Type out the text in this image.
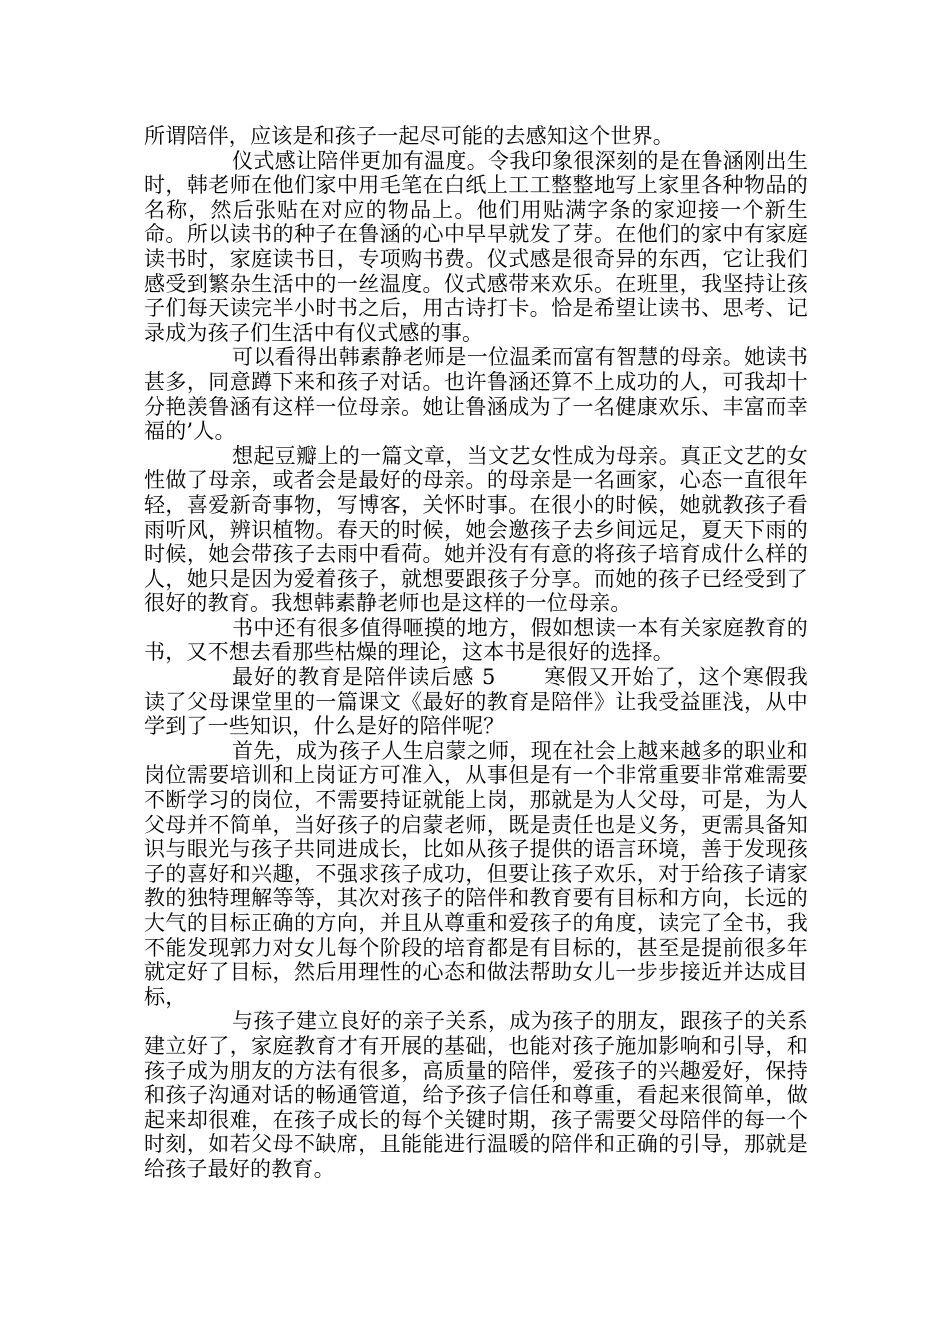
所谓陪伴，应该是和孩子一起尽可能的去感知这个世界。

仪式感让陪伴更加有温度。令我印象很深刻的是在鲁涵刚出生时，韩老师在他们家中用毛笔在白纸上工工整整地写上家里各种物品的名称，然后张贴在对应的物品上。他们用贴满字条的家迎接一个新生命。所以读书的种子在鲁涵的心中早早就发了芽。在他们的家中有家庭读书时，家庭读书日，专项购书费。仪式感是很奇异的东西，它让我们感受到繁杂生活中的一丝温度。仪式感带来欢乐。在班里，我坚持让孩子们每天读完半小时书之后，用古诗打卡。恰是希望让读书、思考、记录成为孩子们生活中有仪式感的事。

可以看得出韩素静老师是一位温柔而富有智慧的母亲。她读书甚多，同意蹲下来和孩子对话。也许鲁涵还算不上成功的人，可我却十分艳羡鲁涵有这样一位母亲。她让鲁涵成为了一名健康欢乐、丰富而幸福的’人。

想起豆瓣上的一篇文章，当文艺女性成为母亲。真正文艺的女性做了母亲，或者会是最好的母亲。的母亲是一名画家，心态一直很年轻，喜爱新奇事物，写博客，关怀时事。在很小的时候，她就教孩子看雨听风，辨识植物。春天的时候，她会邀孩子去乡间远足，夏天下雨的时候，她会带孩子去雨中看荷。她并没有有意的将孩子培育成什么样的人，她只是因为爱着孩子，就想要跟孩子分享。而她的孩子已经受到了很好的教育。我想韩素静老师也是这样的一位母亲。

书中还有很多值得咂摸的地方，假如想读一本有关家庭教育的书，又不想去看那些枯燥的理论，这本书是很好的选择。

最好的教育是陪伴读后感 5 寒假又开始了，这个寒假我读了父母课堂里的一篇课文《最好的教育是陪伴》让我受益匪浅，从中学到了一些知识，什么是好的陪伴呢？

首先，成为孩子人生启蒙之师，现在社会上越来越多的职业和岗位需要培训和上岗证方可准入，从事但是有一个非常重要非常难需要不断学习的岗位，不需要持证就能上岗，那就是为人父母，可是，为人父母并不简单，当好孩子的启蒙老师，既是责任也是义务，更需具备知识与眼光与孩子共同进成长，比如从孩子提供的语言环境，善于发现孩子的喜好和兴趣，不强求孩子成功，但要让孩子欢乐，对于给孩子请家教的独特理解等等，其次对孩子的陪伴和教育要有目标和方向，长远的大气的目标正确的方向，并且从尊重和爱孩子的角度，读完了全书，我不能发现郭力对女儿每个阶段的培育都是有目标的，甚至是提前很多年就定好了目标，然后用理性的心态和做法帮助女儿一步步接近并达成目标，

与孩子建立良好的亲子关系，成为孩子的朋友，跟孩子的关系建立好了，家庭教育才有开展的基础，也能对孩子施加影响和引导，和孩子成为朋友的方法有很多，高质量的陪伴，爱孩子的兴趣爱好，保持和孩子沟通对话的畅通管道，给予孩子信任和尊重，看起来很简单，做起来却很难，在孩子成长的每个关键时期，孩子需要父母陪伴的每一个时刻，如若父母不缺席，且能能进行温暖的陪伴和正确的引导，那就是给孩子最好的教育。
